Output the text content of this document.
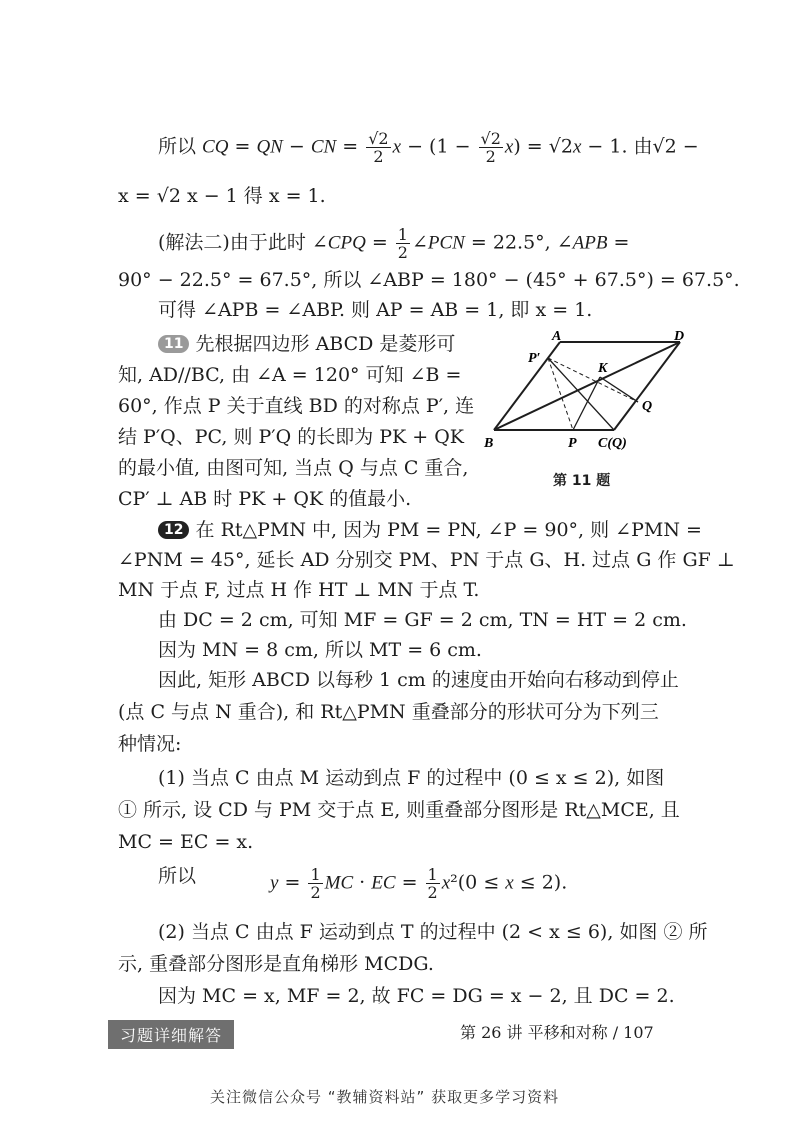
所以 CQ = QN − CN = $\frac{√2}{2}$ $x - (1 - \frac{√2}{2} x) = √2x - 1$. 由√2 −
x = √2 x − 1 得 x = 1.
(解法二)由于此时 ∠CPQ = $\frac{1}{2}$ ∠PCN = 22.5°, ∠APB =
90° − 22.5° = 67.5°, 所以 ∠ABP = 180° − (45° + 67.5°) = 67.5°.
可得 ∠APB = ∠ABP. 则 AP = AB = 1, 即 x = 1.
11 先根据四边形 ABCD 是菱形可
知, AD//BC, 由 ∠A = 120° 可知 ∠B =
60°, 作点 P 关于直线 BD 的对称点 P′, 连
结 P′Q、PC, 则 P′Q 的长即为 PK + QK
的最小值, 由图可知, 当点 Q 与点 C 重合,
CP′ ⊥ AB 时 PK + QK 的值最小.
A	D
P′
K
Q
B	P C(Q)
第 11 题
12 在 Rt△PMN 中, 因为 PM = PN, ∠P = 90°, 则 ∠PMN =
∠PNM = 45°, 延长 AD 分别交 PM、PN 于点 G、H. 过点 G 作 GF ⊥
MN 于点 F, 过点 H 作 HT ⊥ MN 于点 T.
由 DC = 2 cm, 可知 MF = GF = 2 cm, TN = HT = 2 cm.
因为 MN = 8 cm, 所以 MT = 6 cm.
因此, 矩形 ABCD 以每秒 1 cm 的速度由开始向右移动到停止
(点 C 与点 N 重合), 和 Rt△PMN 重叠部分的形状可分为下列三
种情况:
(1) 当点 C 由点 M 运动到点 F 的过程中 (0 ≤ x ≤ 2), 如图
① 所示, 设 CD 与 PM 交于点 E, 则重叠部分图形是 Rt△MCE, 且
MC = EC = x.
所以	$y = \frac{1}{2}$ MC · EC = $\frac{1}{2} x^2(0 \le x \le 2)$.
(2) 当点 C 由点 F 运动到点 T 的过程中 (2 < x ≤ 6), 如图 ② 所
示, 重叠部分图形是直角梯形 MCDG.
因为 MC = x, MF = 2, 故 FC = DG = x − 2, 且 DC = 2.
习题详细解答	第 26 讲 平移和对称 / 107
关注微信公众号 “教辅资料站” 获取更多学习资料
